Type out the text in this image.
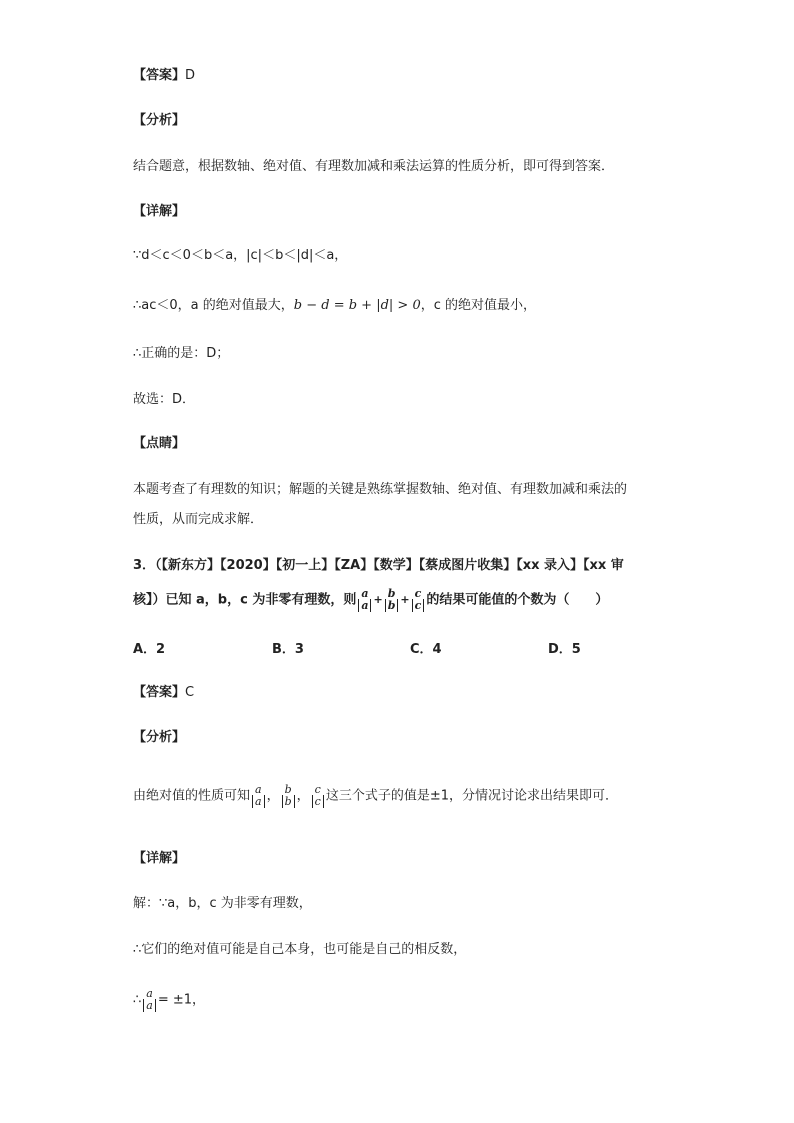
【答案】D
【分析】
结合题意，根据数轴、绝对值、有理数加减和乘法运算的性质分析，即可得到答案．
【详解】
∵d＜c＜0＜b＜a，|c|＜b＜|d|＜a，
∴ac＜0，a 的绝对值最大，b − d = b + |d| > 0，c 的绝对值最小，
∴正确的是：D；
故选：D．
【点睛】
本题考查了有理数的知识；解题的关键是熟练掌握数轴、绝对值、有理数加减和乘法的
性质，从而完成求解．
3．（【新东方】【2020】【初一上】【ZA】【数学】【蔡成图片收集】【xx 录入】【xx 审
核】）已知 a，b，c 为非零有理数，则 a
a + b
b + c
c 的结果可能值的个数为（　　）
A．2	B．3	C．4	D．5
【答案】C
【分析】
由绝对值的性质可知 a
a ， b
b ， c
c 这三个式子的值是±1，分情况讨论求出结果即可．
【详解】
解：∵a，b，c 为非零有理数，
∴它们的绝对值可能是自己本身，也可能是自己的相反数，
∴ a
a = ±1，
